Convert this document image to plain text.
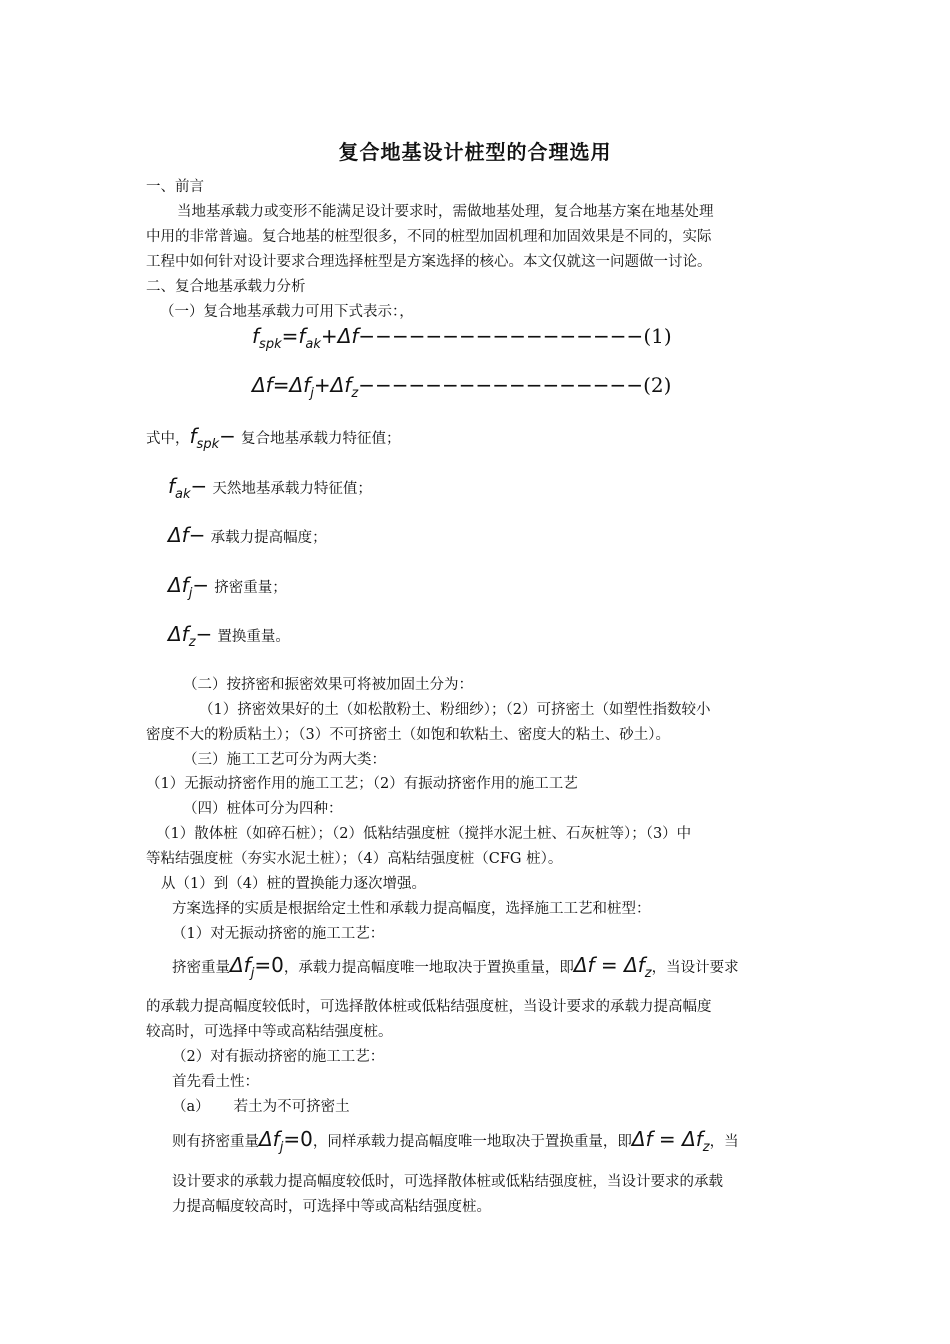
复合地基设计桩型的合理选用
一、前言
当地基承载力或变形不能满足设计要求时，需做地基处理，复合地基方案在地基处理
中用的非常普遍。复合地基的桩型很多，不同的桩型加固机理和加固效果是不同的，实际
工程中如何针对设计要求合理选择桩型是方案选择的核心。本文仅就这一问题做一讨论。
二、复合地基承载力分析
（一）复合地基承载力可用下式表示：，
$f_{spk}=f_{ak}+\Delta f-----------------(1)$
$\Delta f=\Delta f_j+\Delta f_z-----------------(2)$
式中，$f_{spk}-$ 复合地基承载力特征值；
$f_{ak}-$ 天然地基承载力特征值；
Δf− 承载力提高幅度；
$\Delta f_j-$ 挤密重量；
$\Delta f_z-$ 置换重量。
（二）按挤密和振密效果可将被加固土分为：
（1）挤密效果好的土（如松散粉土、粉细纱）；（2）可挤密土（如塑性指数较小
密度不大的粉质粘土）；（3）不可挤密土（如饱和软粘土、密度大的粘土、砂土）。
（三）施工工艺可分为两大类：
（1）无振动挤密作用的施工工艺；（2）有振动挤密作用的施工工艺
（四）桩体可分为四种：
（1）散体桩（如碎石桩）；（2）低粘结强度桩（搅拌水泥土桩、石灰桩等）；（3）中
等粘结强度桩（夯实水泥土桩）；（4）高粘结强度桩（CFG 桩）。
从（1）到（4）桩的置换能力逐次增强。
方案选择的实质是根据给定土性和承载力提高幅度，选择施工工艺和桩型：
（1）对无振动挤密的施工工艺：
挤密重量$\Delta f_j=0$，承载力提高幅度唯一地取决于置换重量，即$\Delta f = \Delta f_z$，当设计要求
的承载力提高幅度较低时，可选择散体桩或低粘结强度桩，当设计要求的承载力提高幅度
较高时，可选择中等或高粘结强度桩。
（2）对有振动挤密的施工工艺：
首先看土性：
（a） 若土为不可挤密土
则有挤密重量$\Delta f_j=0$，同样承载力提高幅度唯一地取决于置换重量，即$\Delta f = \Delta f_z$，当
设计要求的承载力提高幅度较低时，可选择散体桩或低粘结强度桩，当设计要求的承载
力提高幅度较高时，可选择中等或高粘结强度桩。
